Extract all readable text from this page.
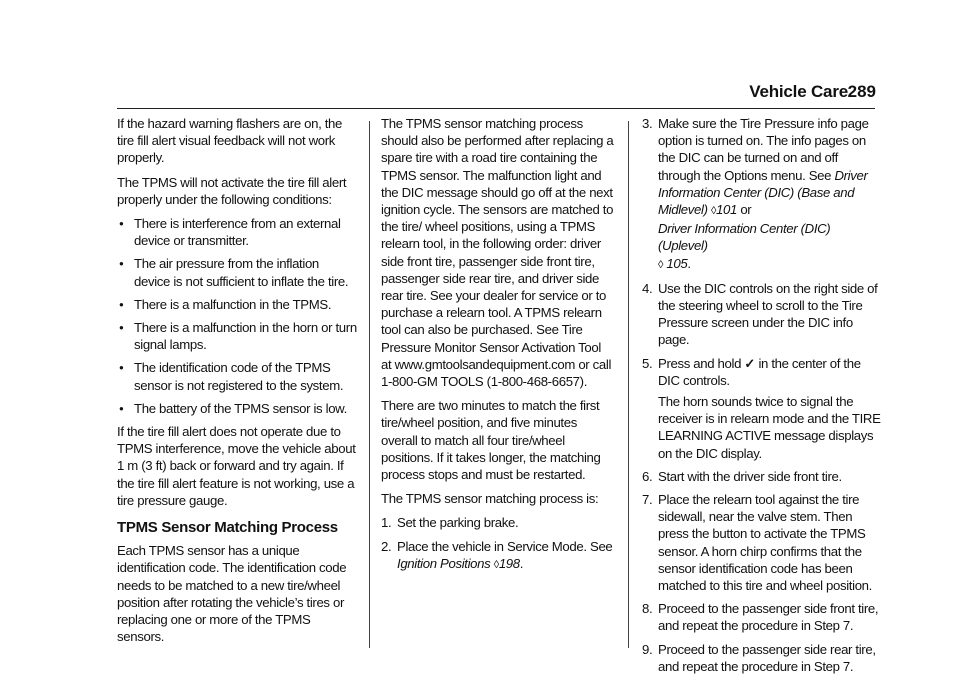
Vehicle Care 289

If the hazard warning flashers are on, the tire fill alert visual feedback will not work properly.

The TPMS will not activate the tire fill alert properly under the following conditions:

● There is interference from an external device or transmitter.
● The air pressure from the inflation device is not sufficient to inflate the tire.
● There is a malfunction in the TPMS.
● There is a malfunction in the horn or turn signal lamps.
● The identification code of the TPMS sensor is not registered to the system.
● The battery of the TPMS sensor is low.

If the tire fill alert does not operate due to TPMS interference, move the vehicle about 1 m (3 ft) back or forward and try again. If the tire fill alert feature is not working, use a tire pressure gauge.

TPMS Sensor Matching Process

Each TPMS sensor has a unique identification code. The identification code needs to be matched to a new tire/wheel position after rotating the vehicle’s tires or replacing one or more of the TPMS sensors.

The TPMS sensor matching process should also be performed after replacing a spare tire with a road tire containing the TPMS sensor. The malfunction light and the DIC message should go off at the next ignition cycle. The sensors are matched to the tire/ wheel positions, using a TPMS relearn tool, in the following order: driver side front tire, passenger side front tire, passenger side rear tire, and driver side rear tire. See your dealer for service or to purchase a relearn tool. A TPMS relearn tool can also be purchased. See Tire Pressure Monitor Sensor Activation Tool at www.gmtoolsandequipment.com or call 1-800-GM TOOLS (1-800-468-6657).

There are two minutes to match the first tire/wheel position, and five minutes overall to match all four tire/wheel positions. If it takes longer, the matching process stops and must be restarted.

The TPMS sensor matching process is:

1. Set the parking brake.
2. Place the vehicle in Service Mode. See Ignition Positions ◊198.
3. Make sure the Tire Pressure info page option is turned on. The info pages on the DIC can be turned on and off through the Options menu. See Driver Information Center (DIC) (Base and Midlevel) ◊101 or
Driver Information Center (DIC) (Uplevel)
◊ 105.
4. Use the DIC controls on the right side of the steering wheel to scroll to the Tire Pressure screen under the DIC info page.
5. Press and hold ✓ in the center of the DIC controls.
The horn sounds twice to signal the receiver is in relearn mode and the TIRE LEARNING ACTIVE message displays on the DIC display.
6. Start with the driver side front tire.
7. Place the relearn tool against the tire sidewall, near the valve stem. Then press the button to activate the TPMS sensor. A horn chirp confirms that the sensor identification code has been matched to this tire and wheel position.
8. Proceed to the passenger side front tire, and repeat the procedure in Step 7.
9. Proceed to the passenger side rear tire, and repeat the procedure in Step 7.
